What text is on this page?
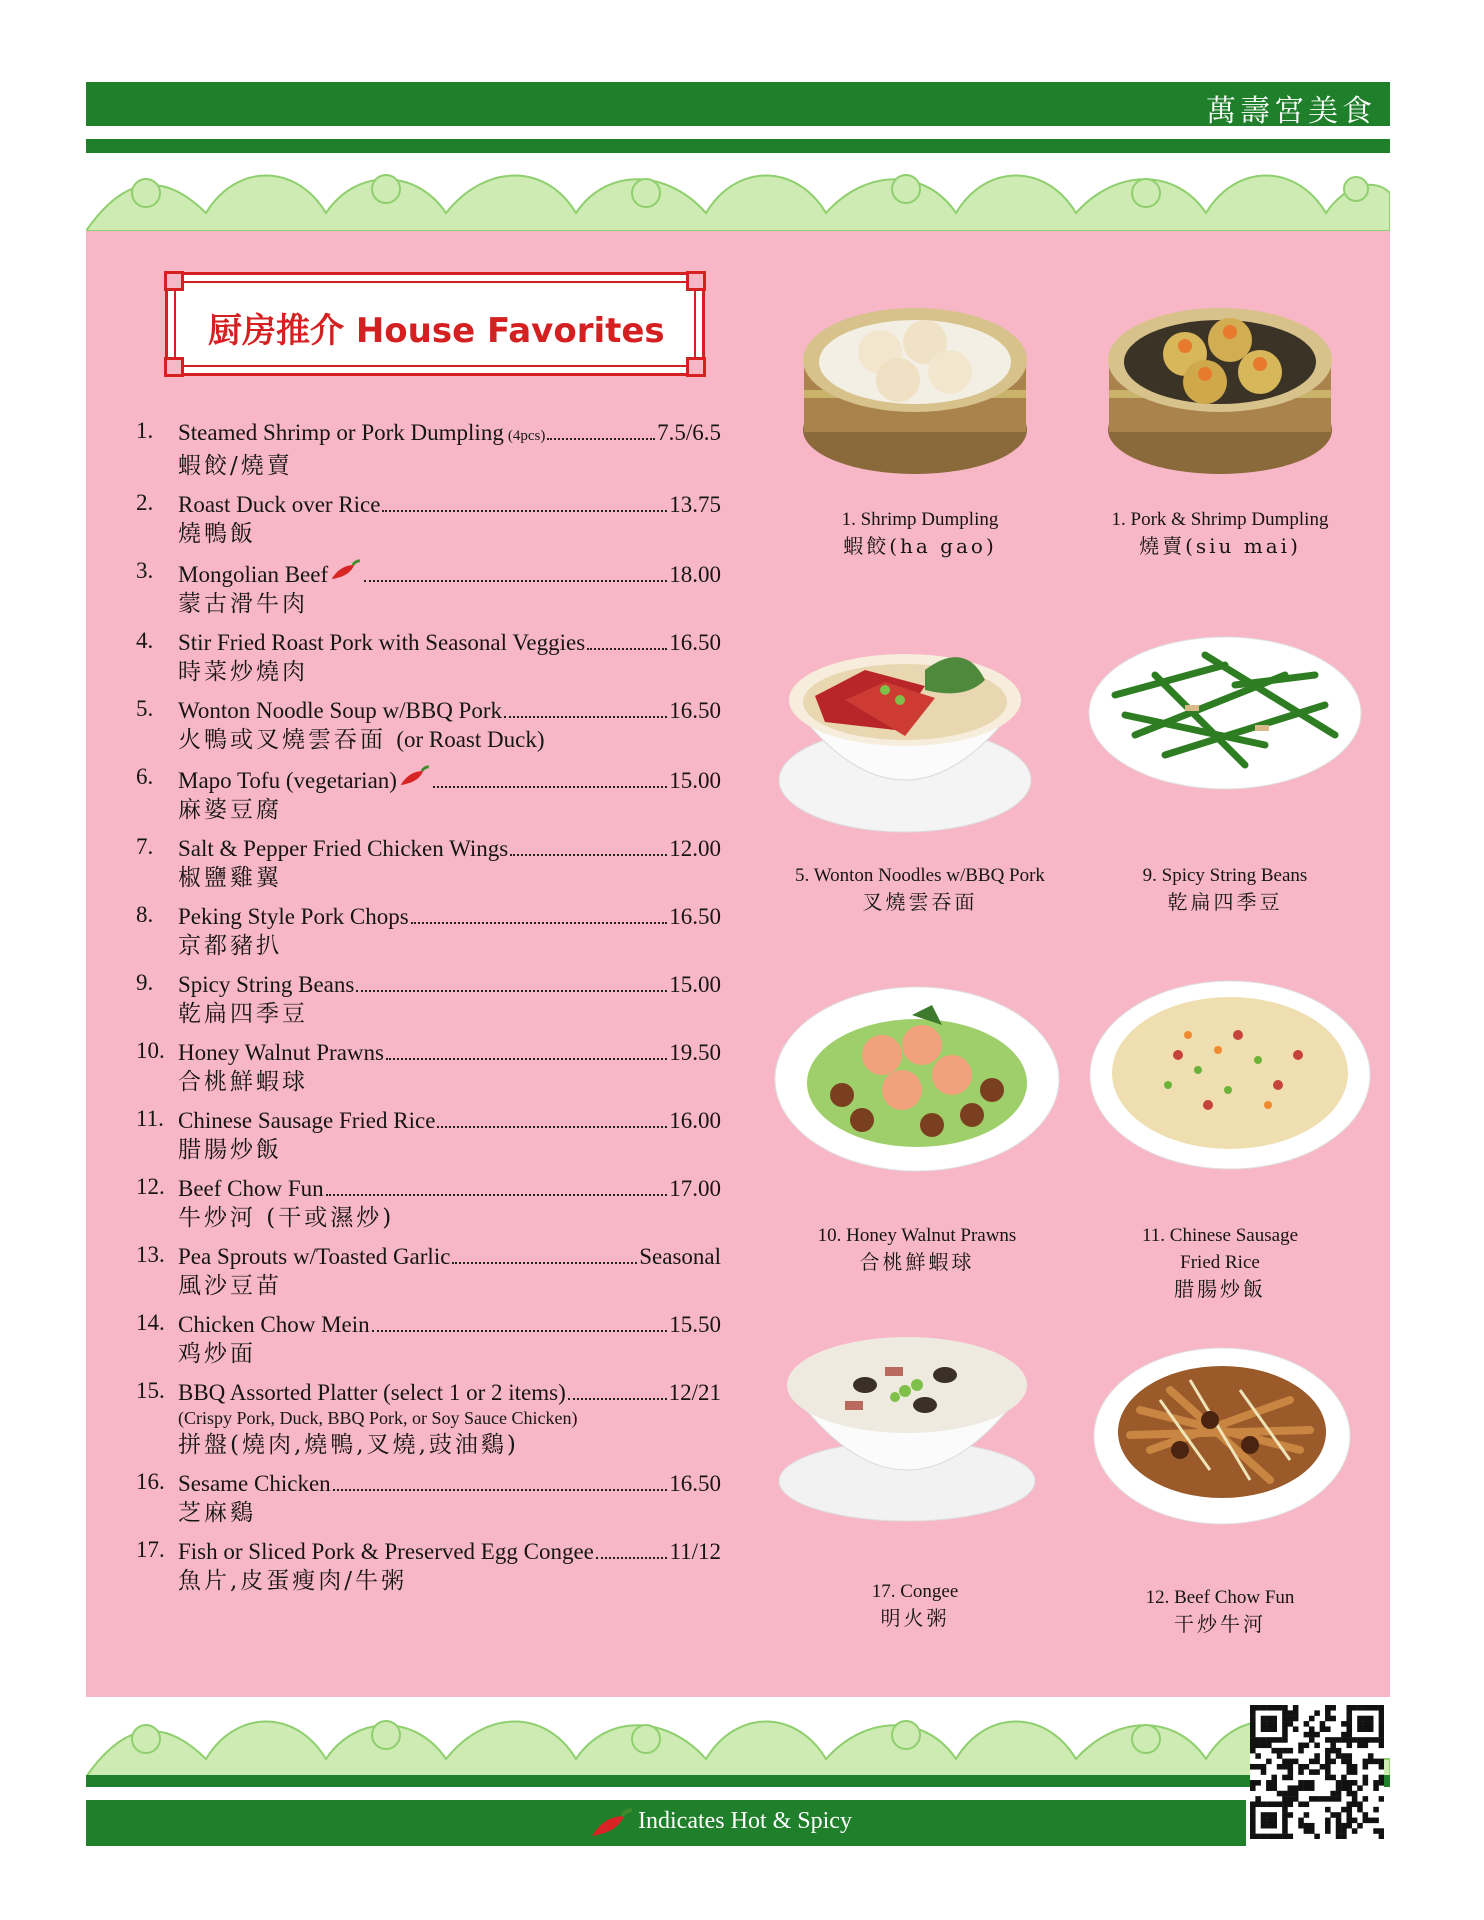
萬壽宮美食
厨房推介 House Favorites
1. Steamed Shrimp or Pork Dumpling (4pcs)	7.5/6.5
蝦餃/燒賣
2. Roast Duck over Rice	13.75
燒鴨飯
3. Mongolian Beef	18.00
蒙古滑牛肉
4. Stir Fried Roast Pork with Seasonal Veggies	16.50
時菜炒燒肉
5. Wonton Noodle Soup w/BBQ Pork	16.50
火鴨或叉燒雲吞面 (or Roast Duck)
6. Mapo Tofu (vegetarian)	15.00
麻婆豆腐
7. Salt & Pepper Fried Chicken Wings	12.00
椒鹽雞翼
8. Peking Style Pork Chops	16.50
京都豬扒
9. Spicy String Beans	15.00
乾扁四季豆
10. Honey Walnut Prawns	19.50
合桃鮮蝦球
11. Chinese Sausage Fried Rice	16.00
腊腸炒飯
12. Beef Chow Fun	17.00
牛炒河 (干或濕炒)
13. Pea Sprouts w/Toasted Garlic	Seasonal
風沙豆苗
14. Chicken Chow Mein	15.50
鸡炒面
15. BBQ Assorted Platter (select 1 or 2 items)	12/21
(Crispy Pork, Duck, BBQ Pork, or Soy Sauce Chicken)
拼盤(燒肉,燒鴨,叉燒,豉油鷄)
16. Sesame Chicken	16.50
芝麻鷄
17. Fish or Sliced Pork & Preserved Egg Congee	11/12
魚片,皮蛋瘦肉/牛粥
1. Shrimp Dumpling
蝦餃(ha gao)
1. Pork & Shrimp Dumpling
燒賣(siu mai)
5. Wonton Noodles w/BBQ Pork
叉燒雲吞面
9. Spicy String Beans
乾扁四季豆
10. Honey Walnut Prawns
合桃鮮蝦球
11. Chinese Sausage
Fried Rice
腊腸炒飯
17. Congee
明火粥
12. Beef Chow Fun
干炒牛河
Indicates Hot & Spicy
